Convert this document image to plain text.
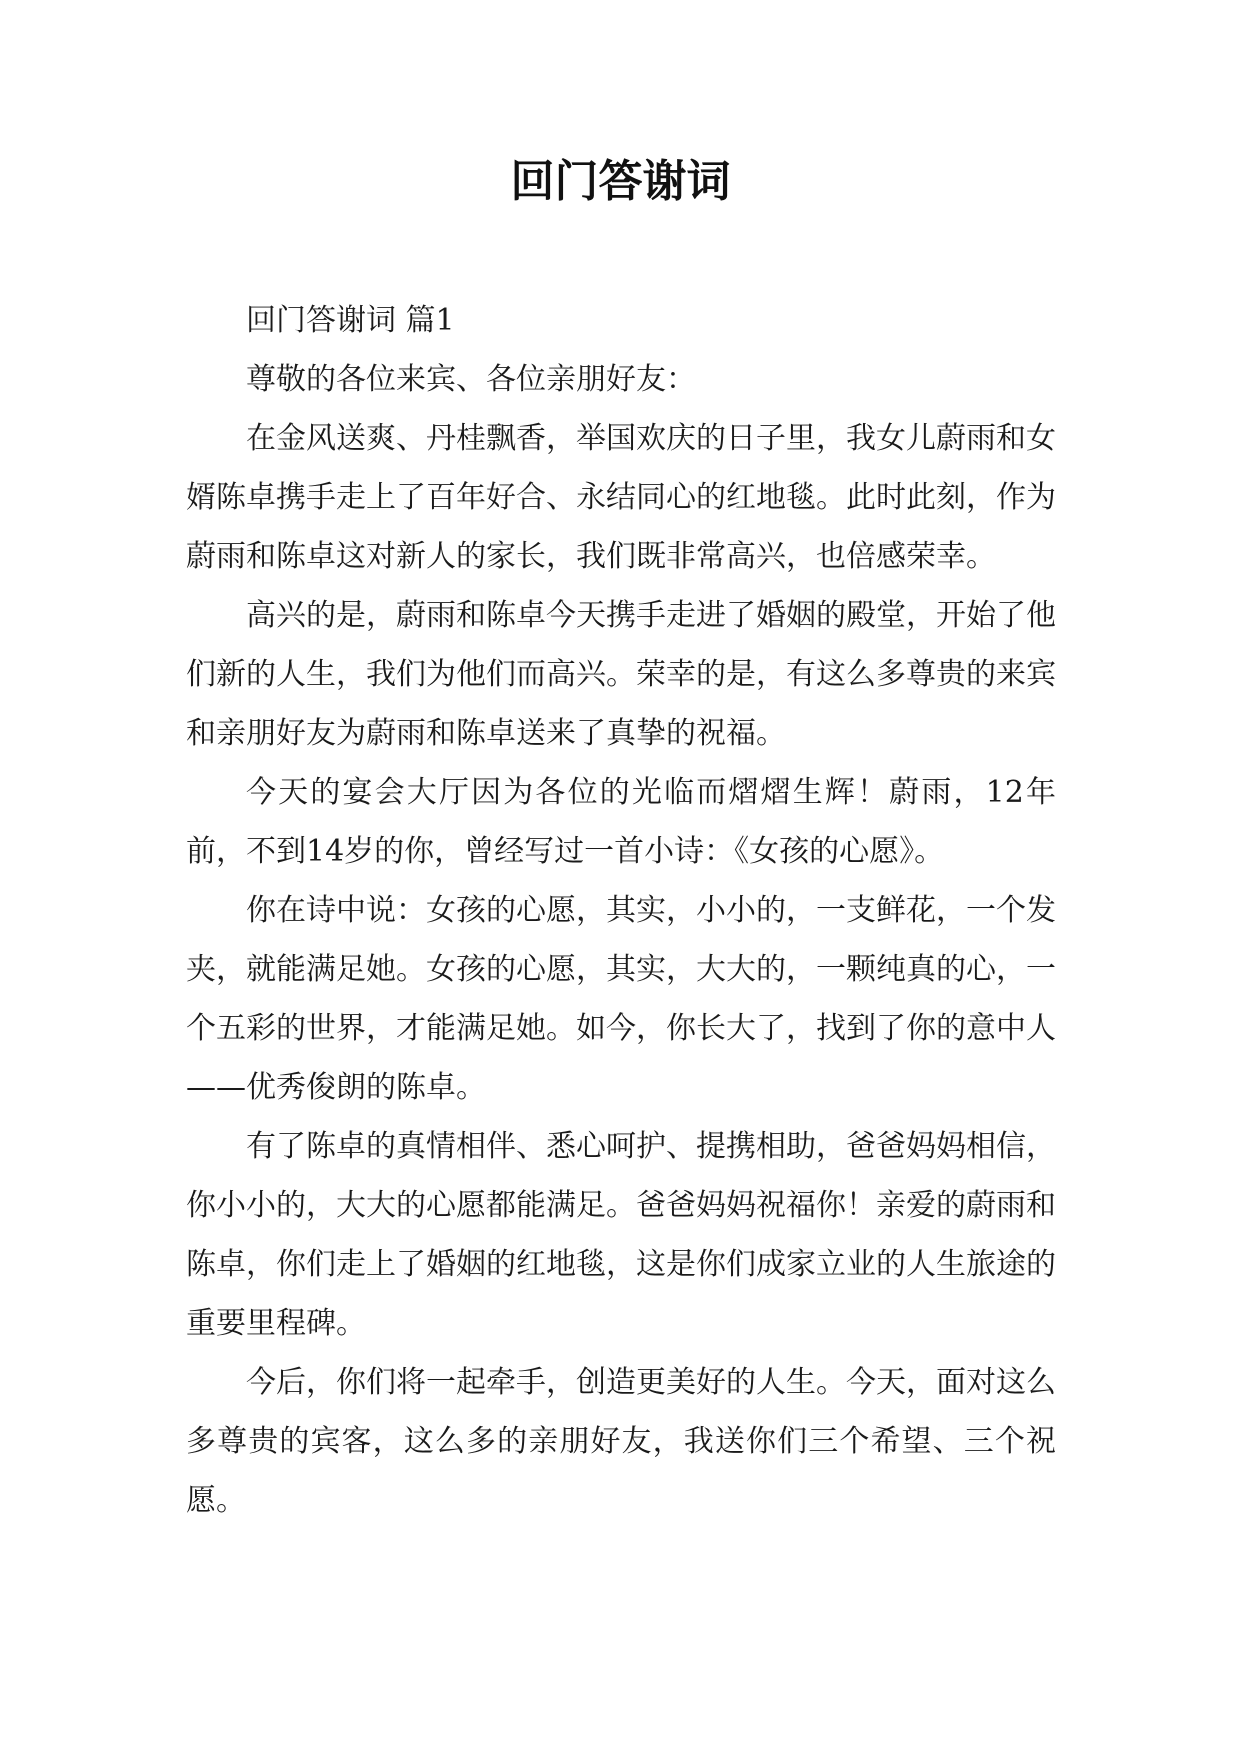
回门答谢词

回门答谢词 篇1

尊敬的各位来宾、各位亲朋好友：

在金风送爽、丹桂飘香，举国欢庆的日子里，我女儿蔚雨和女婿陈卓携手走上了百年好合、永结同心的红地毯。此时此刻，作为蔚雨和陈卓这对新人的家长，我们既非常高兴，也倍感荣幸。

高兴的是，蔚雨和陈卓今天携手走进了婚姻的殿堂，开始了他们新的人生，我们为他们而高兴。荣幸的是，有这么多尊贵的来宾和亲朋好友为蔚雨和陈卓送来了真挚的祝福。

今天的宴会大厅因为各位的光临而熠熠生辉！蔚雨，12年前，不到14岁的你，曾经写过一首小诗：《女孩的心愿》。

你在诗中说：女孩的心愿，其实，小小的，一支鲜花，一个发夹，就能满足她。女孩的心愿，其实，大大的，一颗纯真的心，一个五彩的世界，才能满足她。如今，你长大了，找到了你的意中人——优秀俊朗的陈卓。

有了陈卓的真情相伴、悉心呵护、提携相助，爸爸妈妈相信，你小小的，大大的心愿都能满足。爸爸妈妈祝福你！亲爱的蔚雨和陈卓，你们走上了婚姻的红地毯，这是你们成家立业的人生旅途的重要里程碑。

今后，你们将一起牵手，创造更美好的人生。今天，面对这么多尊贵的宾客，这么多的亲朋好友，我送你们三个希望、三个祝愿。
